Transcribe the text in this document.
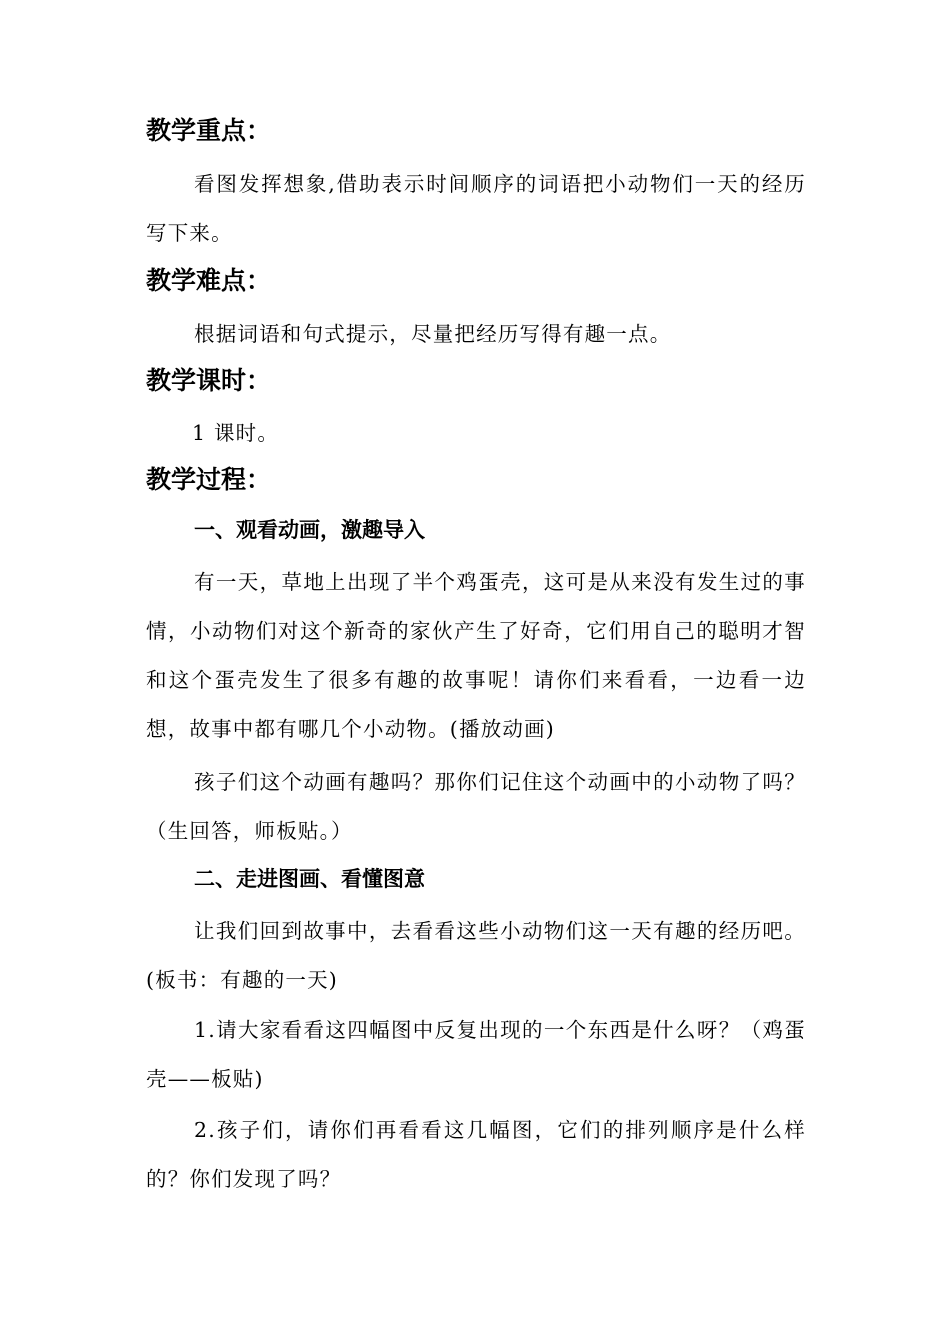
教学重点：
看图发挥想象,借助表示时间顺序的词语把小动物们一天的经历写下来。
教学难点：
根据词语和句式提示，尽量把经历写得有趣一点。
教学课时：
1 课时。
教学过程：
一、观看动画，激趣导入
有一天，草地上出现了半个鸡蛋壳，这可是从来没有发生过的事情，小动物们对这个新奇的家伙产生了好奇，它们用自己的聪明才智和这个蛋壳发生了很多有趣的故事呢！请你们来看看，一边看一边想，故事中都有哪几个小动物。(播放动画)
孩子们这个动画有趣吗？那你们记住这个动画中的小动物了吗？（生回答，师板贴。）
二、走进图画、看懂图意
让我们回到故事中，去看看这些小动物们这一天有趣的经历吧。(板书：有趣的一天)
1.请大家看看这四幅图中反复出现的一个东西是什么呀？（鸡蛋壳——板贴)
2.孩子们，请你们再看看这几幅图，它们的排列顺序是什么样的？你们发现了吗？
